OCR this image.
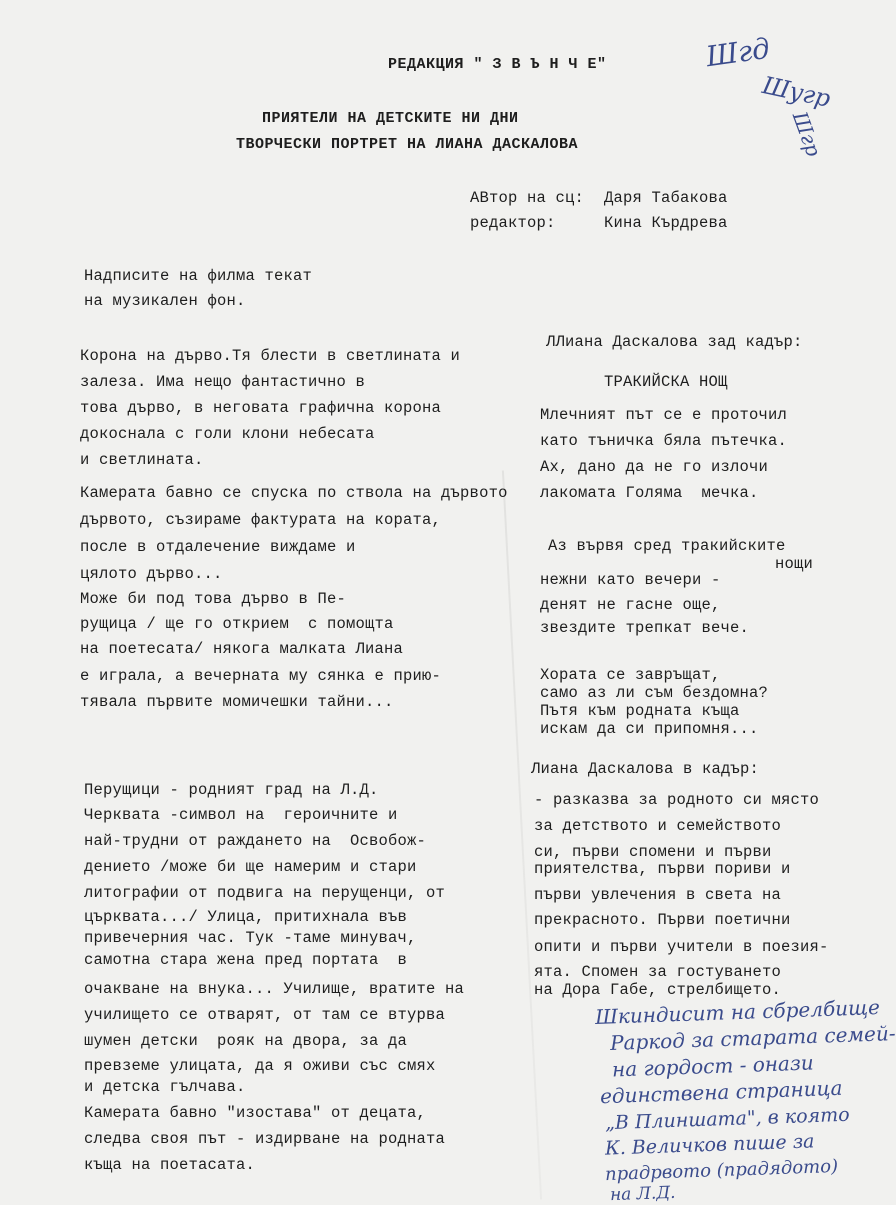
РЕДАКЦИЯ " З В Ъ Н Ч Е"
ПРИЯТЕЛИ НА ДЕТСКИТЕ НИ ДНИ
ТВОРЧЕСКИ ПОРТРЕТ НА ЛИАНА ДАСКАЛОВА
АВтор на сц: Даря Табакова
редактор:	Кина Кърдрева
Надписите на филма текат
на музикален фон.
Корона на дърво.Тя блести в светлината и
залеза. Има нещо фантастично в
това дърво, в неговата графична корона
докоснала с голи клони небесата
и светлината.
Камерата бавно се спуска по ствола на дървото
дървото, съзираме фактурата на кората,
после в отдалечение виждаме и
цялото дърво...
Може би под това дърво в Пе-
рущица / ще го открием  с помощта
на поетесата/ някога малката Лиана
е играла, а вечерната му сянка е прию-
тявала първите момичешки тайни...
Перущици - родният град на Л.Д.
Черквата -символ на  героичните и
най-трудни от раждането на  Освобож-
дението /може би ще намерим и стари
литографии от подвига на перущенци, от
църквата.../ Улица, притихнала във
привечерния час. Тук -таме минувач,
самотна стара жена пред портата  в
очакване на внука... Училище, вратите на
училището се отварят, от там се втурва
шумен детски  рояк на двора, за да
превземе улицата, да я оживи със смях
и детска гълчава.
Камерата бавно "изостава" от децата,
следва своя път - издирване на родната
къща на поетасата.
ЛЛиана Даскалова зад кадър:
ТРАКИЙСКА НОЩ
Млечният път се е проточил
като тъничка бяла пътечка.
Ах, дано да не го излочи
лакомата Голяма  мечка.
Аз вървя сред тракийските
нощи
нежни като вечери -
денят не гасне още,
звездите трепкат вече.
Хората се завръщат,
само аз ли съм бездомна?
Пътя към родната къща
искам да си припомня...
Лиана Даскалова в кадър:
- разказва за родното си място
за детството и семейството
си, първи спомени и първи
приятелства, първи пориви и
първи увлечения в света на
прекрасното. Първи поетични
опити и първи учители в поезия-
ята. Спомен за гостуването
на Дора Габе, стрелбището.
Шгд
Шугр
Шгр
Шкиндисит на сбрелбище
Раркод за старата семей-
на гордост - онази
единствена страница
„В Плиншата", в която
К. Величков пише за
прадрвото (прадядото)
на Л.Д.
